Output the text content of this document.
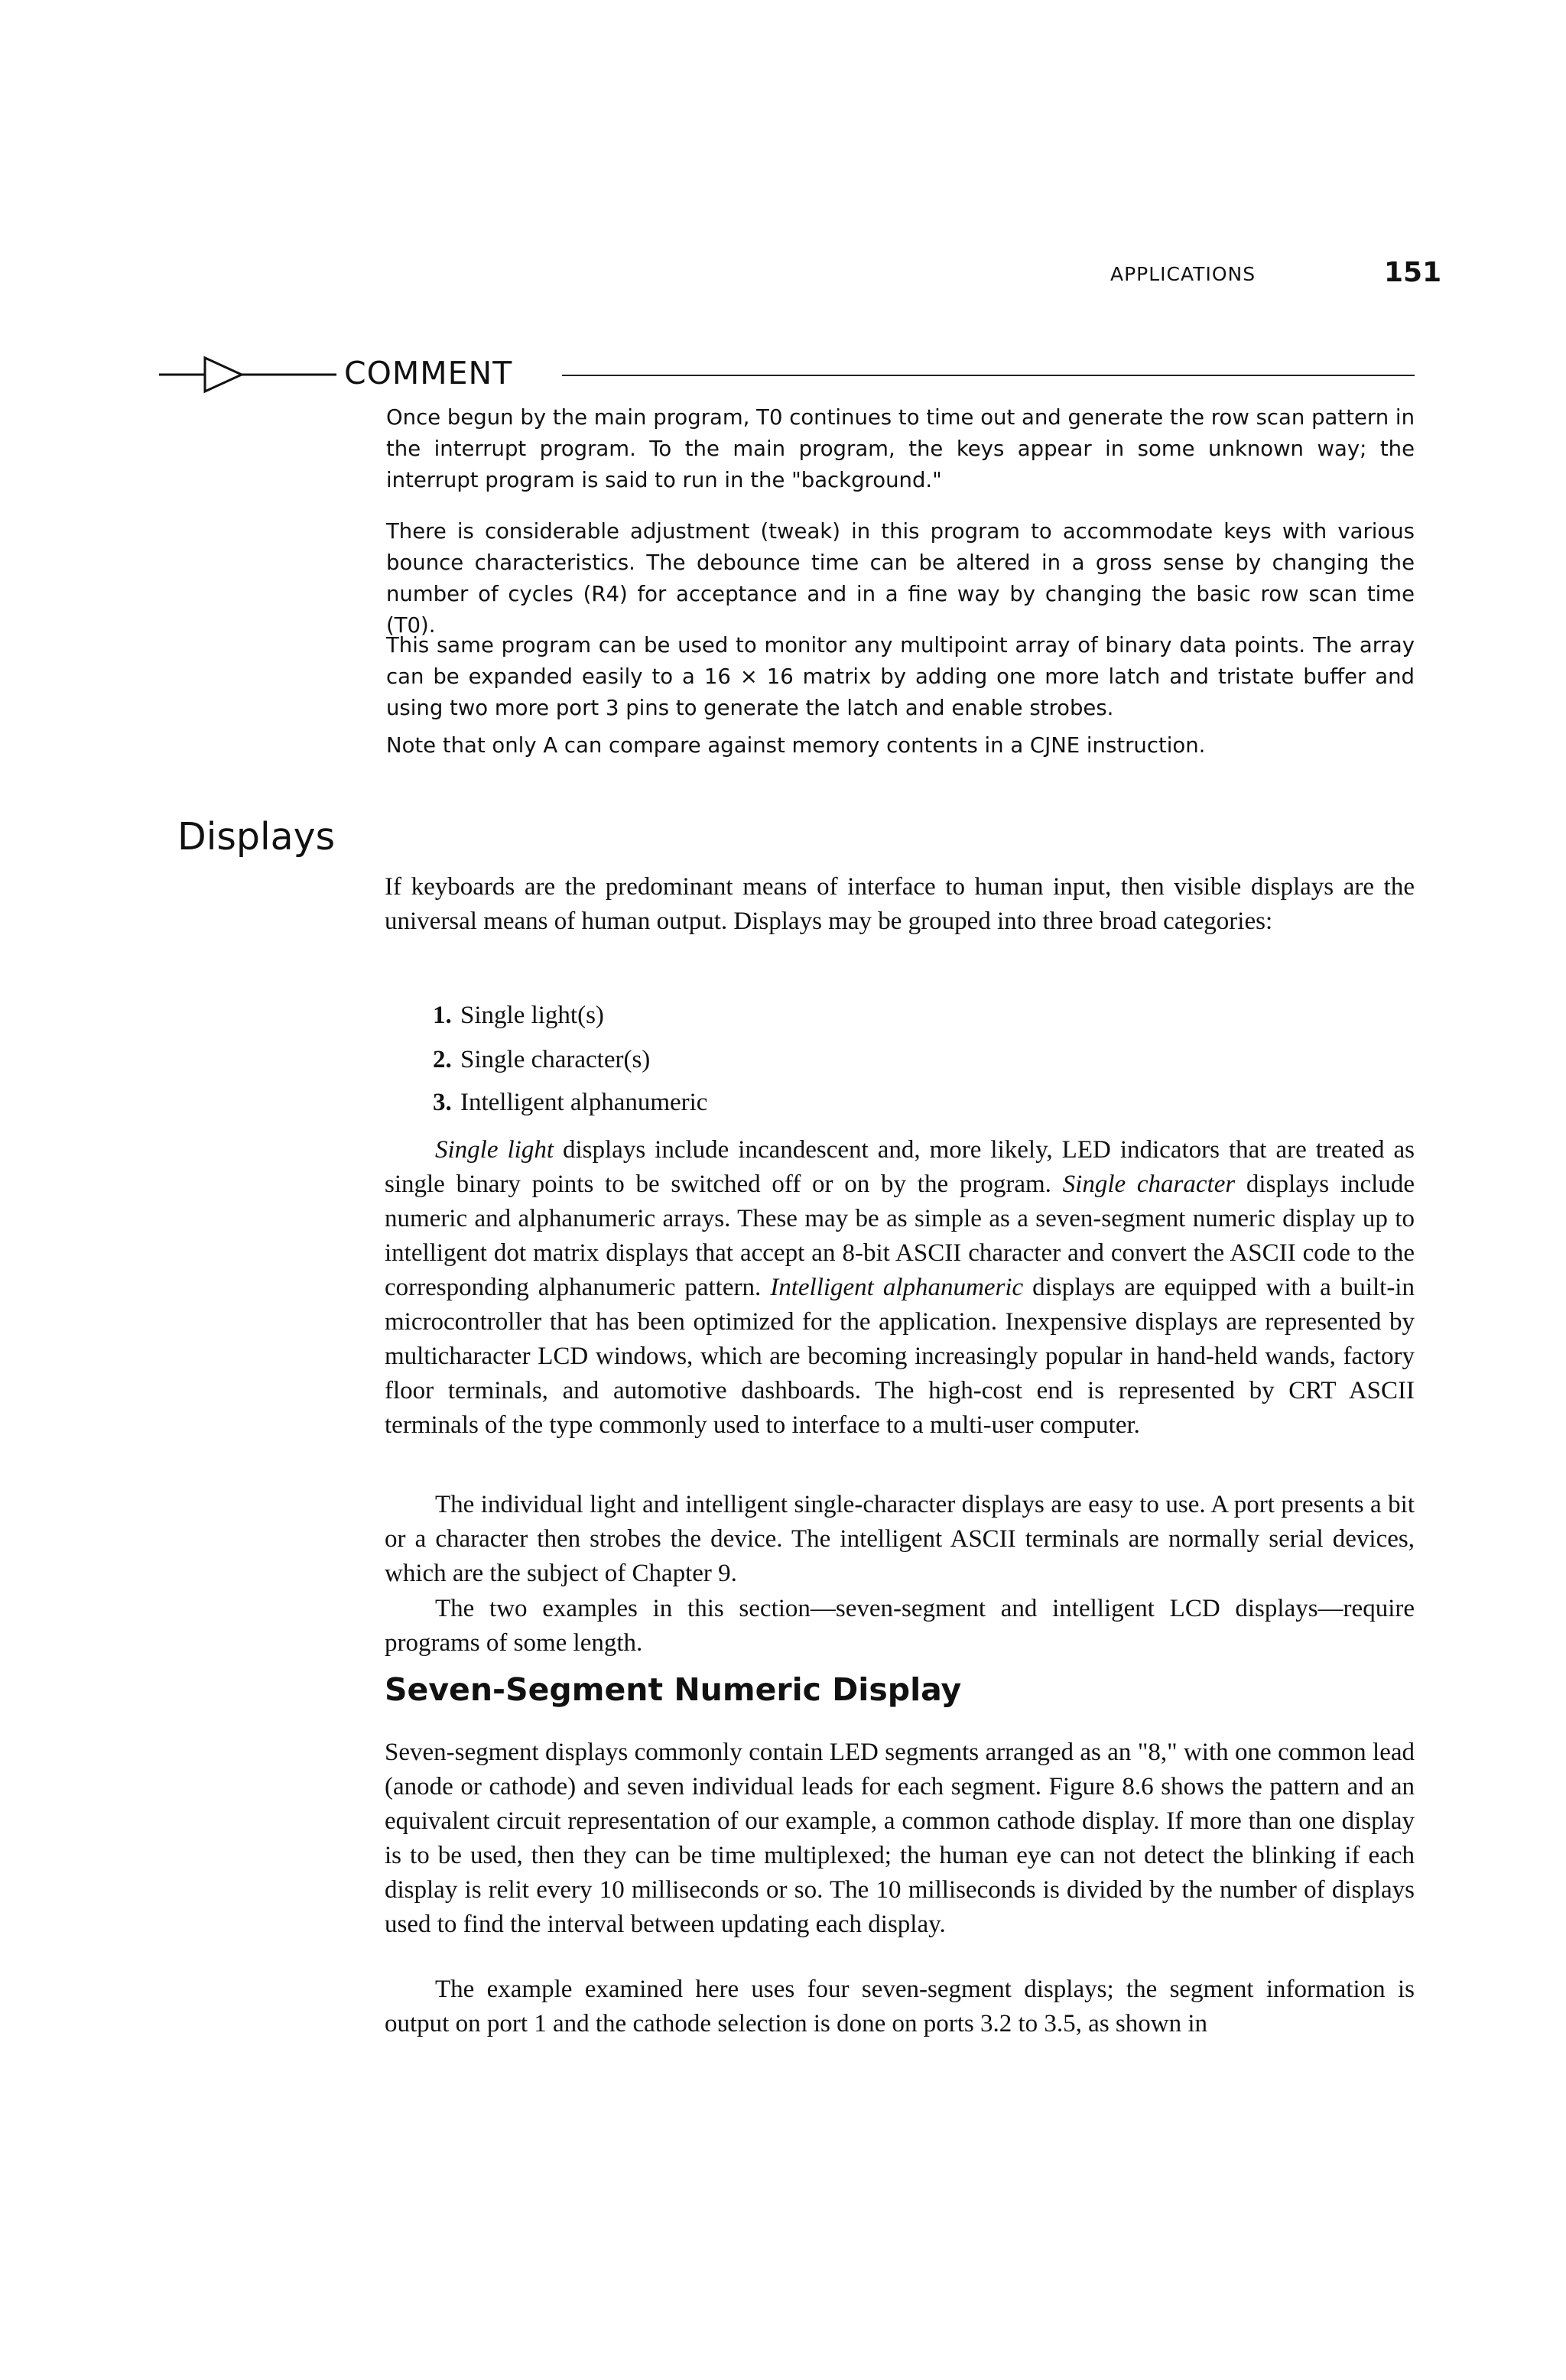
APPLICATIONS	151
COMMENT
Once begun by the main program, T0 continues to time out and generate the row scan pattern in the interrupt program. To the main program, the keys appear in some unknown way; the interrupt program is said to run in the "background."
There is considerable adjustment (tweak) in this program to accommodate keys with various bounce characteristics. The debounce time can be altered in a gross sense by changing the number of cycles (R4) for acceptance and in a fine way by changing the basic row scan time (T0).
This same program can be used to monitor any multipoint array of binary data points. The array can be expanded easily to a 16 × 16 matrix by adding one more latch and tristate buffer and using two more port 3 pins to generate the latch and enable strobes.
Note that only A can compare against memory contents in a CJNE instruction.
Displays
If keyboards are the predominant means of interface to human input, then visible displays are the universal means of human output. Displays may be grouped into three broad categories:
1. Single light(s)
2. Single character(s)
3. Intelligent alphanumeric
Single light displays include incandescent and, more likely, LED indicators that are treated as single binary points to be switched off or on by the program. Single character displays include numeric and alphanumeric arrays. These may be as simple as a seven-segment numeric display up to intelligent dot matrix displays that accept an 8-bit ASCII character and convert the ASCII code to the corresponding alphanumeric pattern. Intelligent alphanumeric displays are equipped with a built-in microcontroller that has been optimized for the application. Inexpensive displays are represented by multicharacter LCD windows, which are becoming increasingly popular in hand-held wands, factory floor terminals, and automotive dashboards. The high-cost end is represented by CRT ASCII terminals of the type commonly used to interface to a multi-user computer.
The individual light and intelligent single-character displays are easy to use. A port presents a bit or a character then strobes the device. The intelligent ASCII terminals are normally serial devices, which are the subject of Chapter 9.
The two examples in this section—seven-segment and intelligent LCD displays—require programs of some length.
Seven-Segment Numeric Display
Seven-segment displays commonly contain LED segments arranged as an "8," with one common lead (anode or cathode) and seven individual leads for each segment. Figure 8.6 shows the pattern and an equivalent circuit representation of our example, a common cathode display. If more than one display is to be used, then they can be time multiplexed; the human eye can not detect the blinking if each display is relit every 10 milliseconds or so. The 10 milliseconds is divided by the number of displays used to find the interval between updating each display.
The example examined here uses four seven-segment displays; the segment information is output on port 1 and the cathode selection is done on ports 3.2 to 3.5, as shown in
